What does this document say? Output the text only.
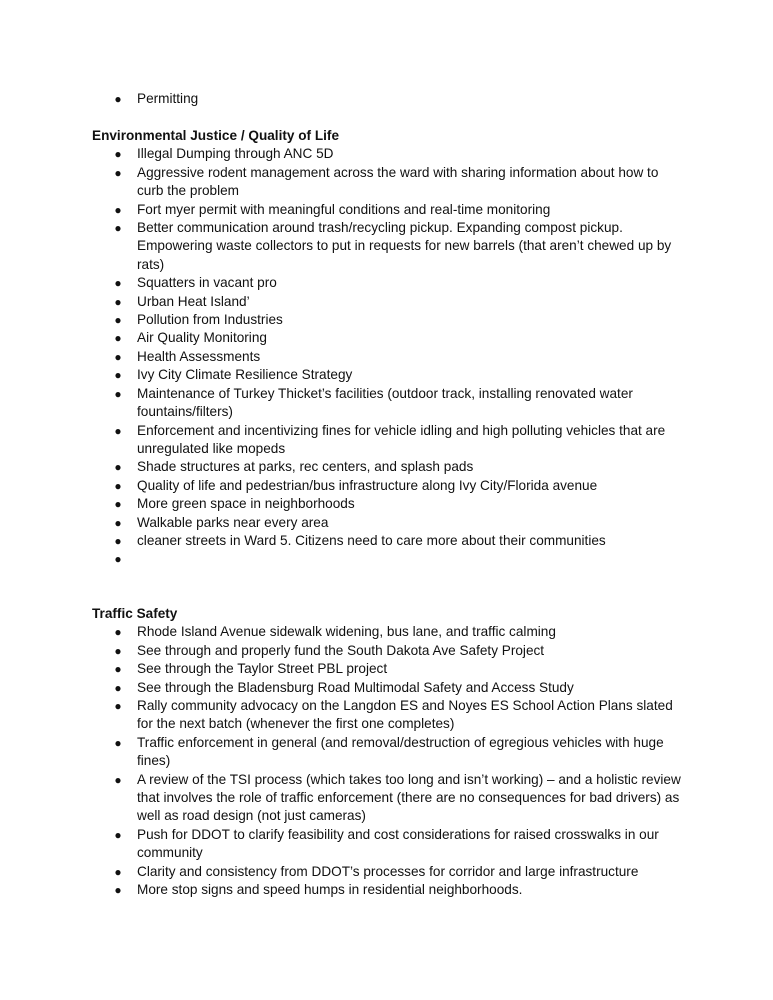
● Permitting
Environmental Justice / Quality of Life
● Illegal Dumping through ANC 5D
● Aggressive rodent management across the ward with sharing information about how to curb the problem
● Fort myer permit with meaningful conditions and real-time monitoring
● Better communication around trash/recycling pickup. Expanding compost pickup. Empowering waste collectors to put in requests for new barrels (that aren’t chewed up by rats)
● Squatters in vacant pro
● Urban Heat Island’
● Pollution from Industries
● Air Quality Monitoring
● Health Assessments
● Ivy City Climate Resilience Strategy
● Maintenance of Turkey Thicket’s facilities (outdoor track, installing renovated water fountains/filters)
● Enforcement and incentivizing fines for vehicle idling and high polluting vehicles that are unregulated like mopeds
● Shade structures at parks, rec centers, and splash pads
● Quality of life and pedestrian/bus infrastructure along Ivy City/Florida avenue
● More green space in neighborhoods
● Walkable parks near every area
● cleaner streets in Ward 5. Citizens need to care more about their communities
●
Traffic Safety
● Rhode Island Avenue sidewalk widening, bus lane, and traffic calming
● See through and properly fund the South Dakota Ave Safety Project
● See through the Taylor Street PBL project
● See through the Bladensburg Road Multimodal Safety and Access Study
● Rally community advocacy on the Langdon ES and Noyes ES School Action Plans slated for the next batch (whenever the first one completes)
● Traffic enforcement in general (and removal/destruction of egregious vehicles with huge fines)
● A review of the TSI process (which takes too long and isn’t working) – and a holistic review that involves the role of traffic enforcement (there are no consequences for bad drivers) as well as road design (not just cameras)
● Push for DDOT to clarify feasibility and cost considerations for raised crosswalks in our community
● Clarity and consistency from DDOT’s processes for corridor and large infrastructure
● More stop signs and speed humps in residential neighborhoods.
